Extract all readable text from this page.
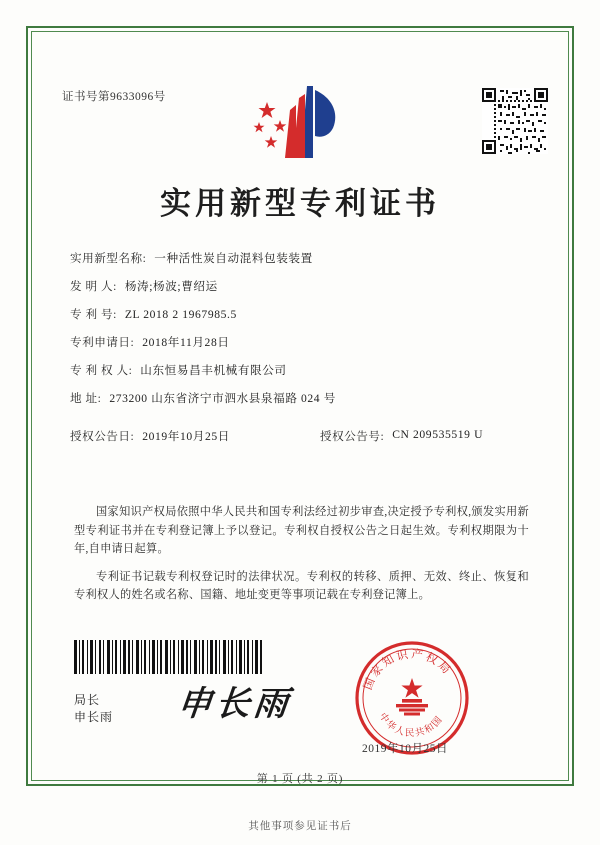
证书号第9633096号
实用新型专利证书
实用新型名称: 一种活性炭自动混料包装装置
发 明 人: 杨涛;杨波;曹绍运
专 利 号: ZL 2018 2 1967985.5
专利申请日: 2018年11月28日
专 利 权 人: 山东恒易昌丰机械有限公司
地 址: 273200 山东省济宁市泗水县泉福路 024 号
授权公告日: 2019年10月25日	授权公告号: CN 209535519 U

国家知识产权局依照中华人民共和国专利法经过初步审查,决定授予专利权,颁发实用新型专利证书并在专利登记簿上予以登记。专利权自授权公告之日起生效。专利权期限为十年,自申请日起算。

专利证书记载专利权登记时的法律状况。专利权的转移、质押、无效、终止、恢复和专利权人的姓名或名称、国籍、地址变更等事项记载在专利登记簿上。

局长
申长雨 申长雨
国家知识产权局
中华人民共和国
2019年10月25日
第 1 页 (共 2 页)
其他事项参见证书后
